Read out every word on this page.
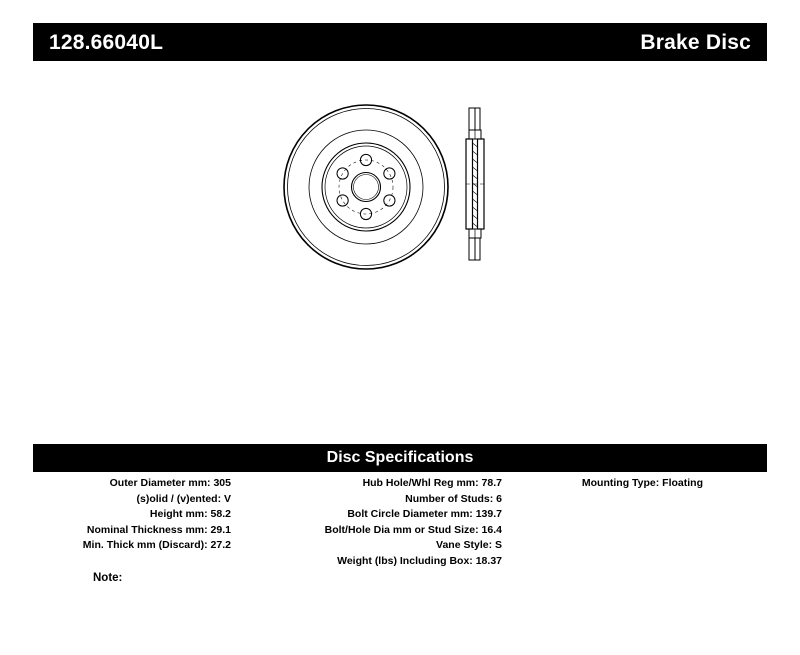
128.66040L	Brake Disc
Disc Specifications
Outer Diameter mm: 305
(s)olid / (v)ented: V
Height mm: 58.2
Nominal Thickness mm: 29.1
Min. Thick mm (Discard): 27.2
Hub Hole/Whl Reg mm: 78.7
Number of Studs: 6
Bolt Circle Diameter mm: 139.7
Bolt/Hole Dia mm or Stud Size: 16.4
Vane Style: S
Weight (lbs) Including Box: 18.37
Mounting Type: Floating
Note:
